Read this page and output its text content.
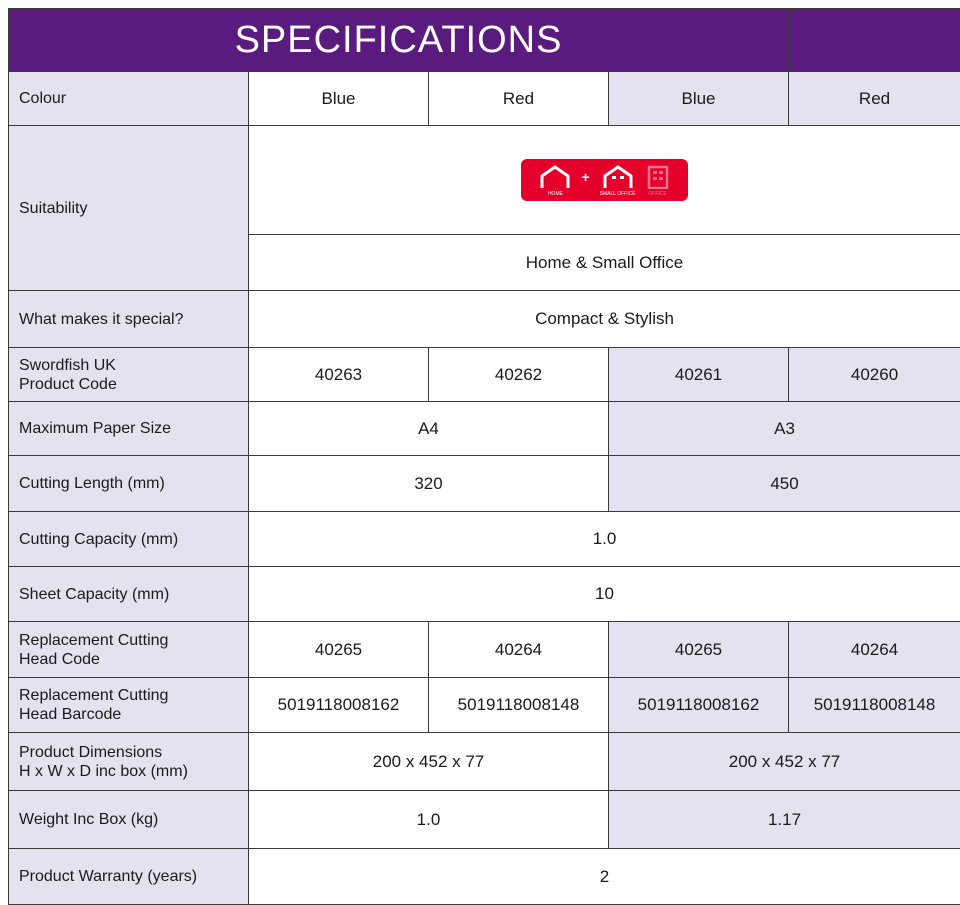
SPECIFICATIONS				
Colour	Blue	Red	Blue	Red
Suitability	HOME
+
SMALL OFFICE OFFICE			

	Home & Small Office			
What makes it special?	Compact & Stylish			
Swordfish UK
Product Code	40263	40262	40261	40260
Maximum Paper Size	A4		A3	
Cutting Length (mm)	320		450	
Cutting Capacity (mm)	1.0			
Sheet Capacity (mm)	10			
Replacement Cutting
Head Code	40265	40264	40265	40264
Replacement Cutting
Head Barcode	5019118008162	5019118008148	5019118008162	5019118008148
Product Dimensions
H x W x D inc box (mm)	200 x 452 x 77		200 x 452 x 77	
Weight Inc Box (kg)	1.0		1.17	
Product Warranty (years)	2			
